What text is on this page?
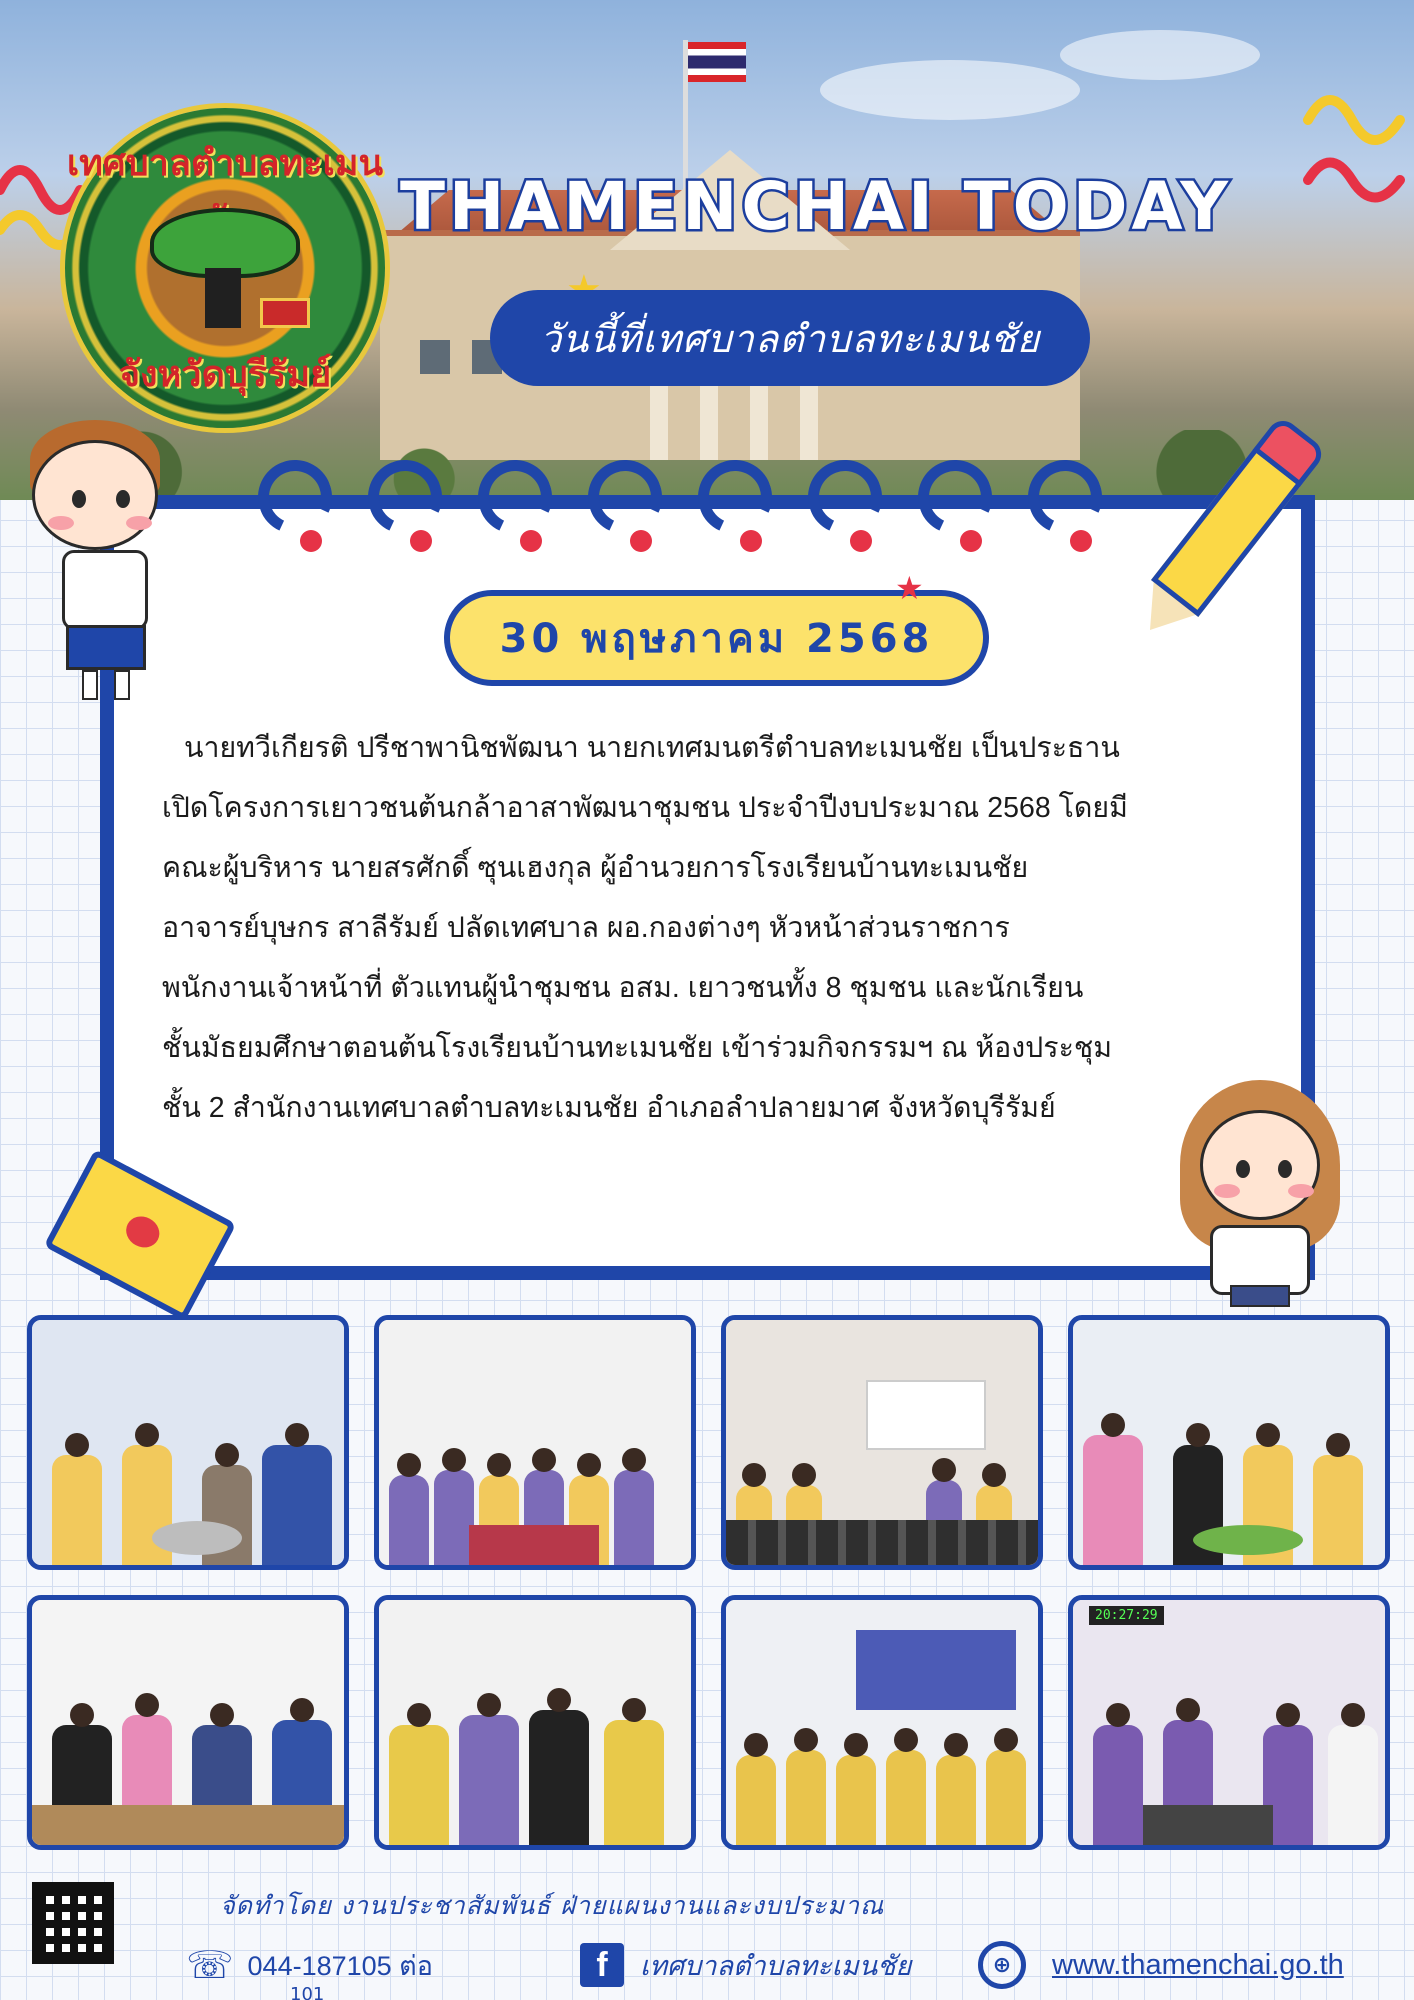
เทศบาลตำบลทะเมน
จังหวัดบุรีรัมย์
THAMENCHAI TODAY
วันนี้ที่เทศบาลตำบลทะเมนชัย
30 พฤษภาคม 2568
★
นายทวีเกียรติ ปรีชาพานิชพัฒนา นายกเทศมนตรีตำบลทะเมนชัย เป็นประธาน
เปิดโครงการเยาวชนต้นกล้าอาสาพัฒนาชุมชน ประจำปีงบประมาณ 2568 โดยมี
คณะผู้บริหาร นายสรศักดิ์ ซุนเฮงกุล ผู้อำนวยการโรงเรียนบ้านทะเมนชัย
อาจารย์บุษกร สาลีรัมย์ ปลัดเทศบาล ผอ.กองต่างๆ หัวหน้าส่วนราชการ
พนักงานเจ้าหน้าที่ ตัวแทนผู้นำชุมชน อสม. เยาวชนทั้ง 8 ชุมชน และนักเรียน
ชั้นมัธยมศึกษาตอนต้นโรงเรียนบ้านทะเมนชัย เข้าร่วมกิจกรรมฯ ณ ห้องประชุม
ชั้น 2 สำนักงานเทศบาลตำบลทะเมนชัย อำเภอลำปลายมาศ จังหวัดบุรีรัมย์
20:27:29
จัดทำโดย งานประชาสัมพันธ์ ฝ่ายแผนงานและงบประมาณ
☏ 044-187105 ต่อ
101
f	เทศบาลตำบลทะเมนชัย	⊕	www.thamenchai.go.th
